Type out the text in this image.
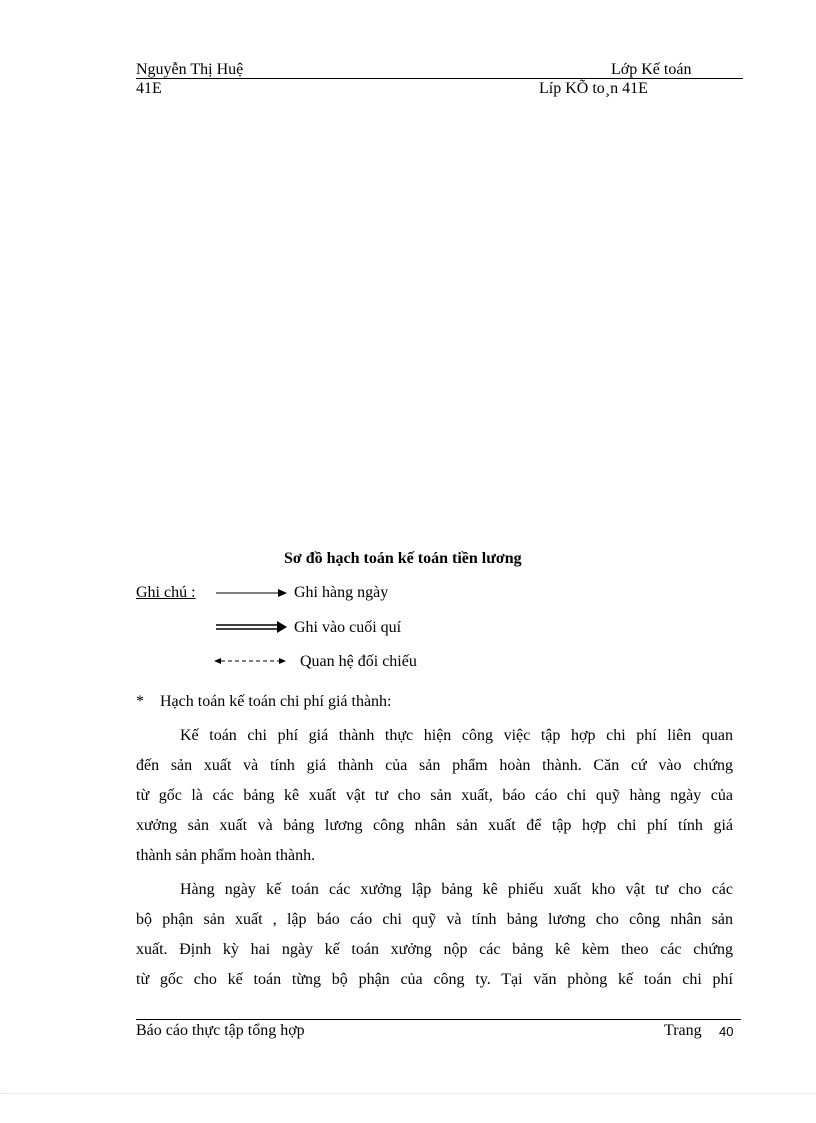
Nguyễn Thị Huệ	Lớp Kế toán
41E	Líp KÕ to¸n 41E
Sơ đồ hạch toán kế toán tiền lương
Ghi chú :	Ghi hàng ngày
Ghi vào cuối quí
Quan hệ đối chiếu
* Hạch toán kế toán chi phí giá thành:
Kế toán chi phí giá thành thực hiện công việc tập hợp chi phí liên quan
đến sản xuất và tính giá thành của sản phẩm hoàn thành. Căn cứ vào chứng
từ gốc là các bảng kê xuất vật tư cho sản xuất, báo cáo chi quỹ hàng ngày của
xưởng sản xuất và bảng lương công nhân sản xuất để tập hợp chi phí tính giá
thành sản phẩm hoàn thành.
Hàng ngày kế toán các xưởng lập bảng kê phiếu xuất kho vật tư cho các
bộ phận sản xuất , lập báo cáo chi quỹ và tính bảng lương cho công nhân sản
xuất. Định kỳ hai ngày kế toán xưởng nộp các bảng kê kèm theo các chứng
từ gốc cho kế toán từng bộ phận của công ty. Tại văn phòng kế toán chi phí
Báo cáo thực tập tổng hợp	Trang 40
